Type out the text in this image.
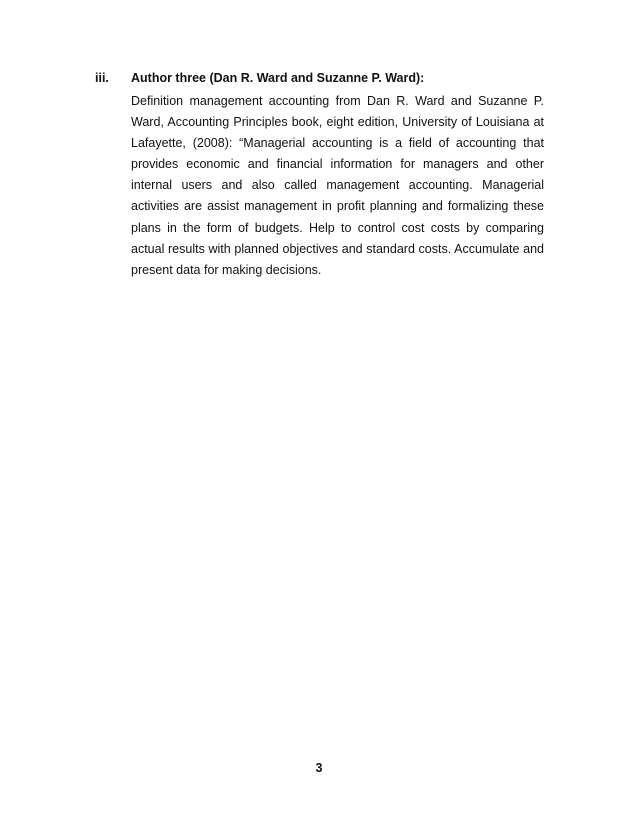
iii. Author three (Dan R. Ward and Suzanne P. Ward):

Definition management accounting from Dan R. Ward and Suzanne P. Ward, Accounting Principles book, eight edition, University of Louisiana at Lafayette, (2008): “Managerial accounting is a field of accounting that provides economic and financial information for managers and other internal users and also called management accounting. Managerial activities are assist management in profit planning and formalizing these plans in the form of budgets. Help to control cost costs by comparing actual results with planned objectives and standard costs. Accumulate and present data for making decisions.

3
